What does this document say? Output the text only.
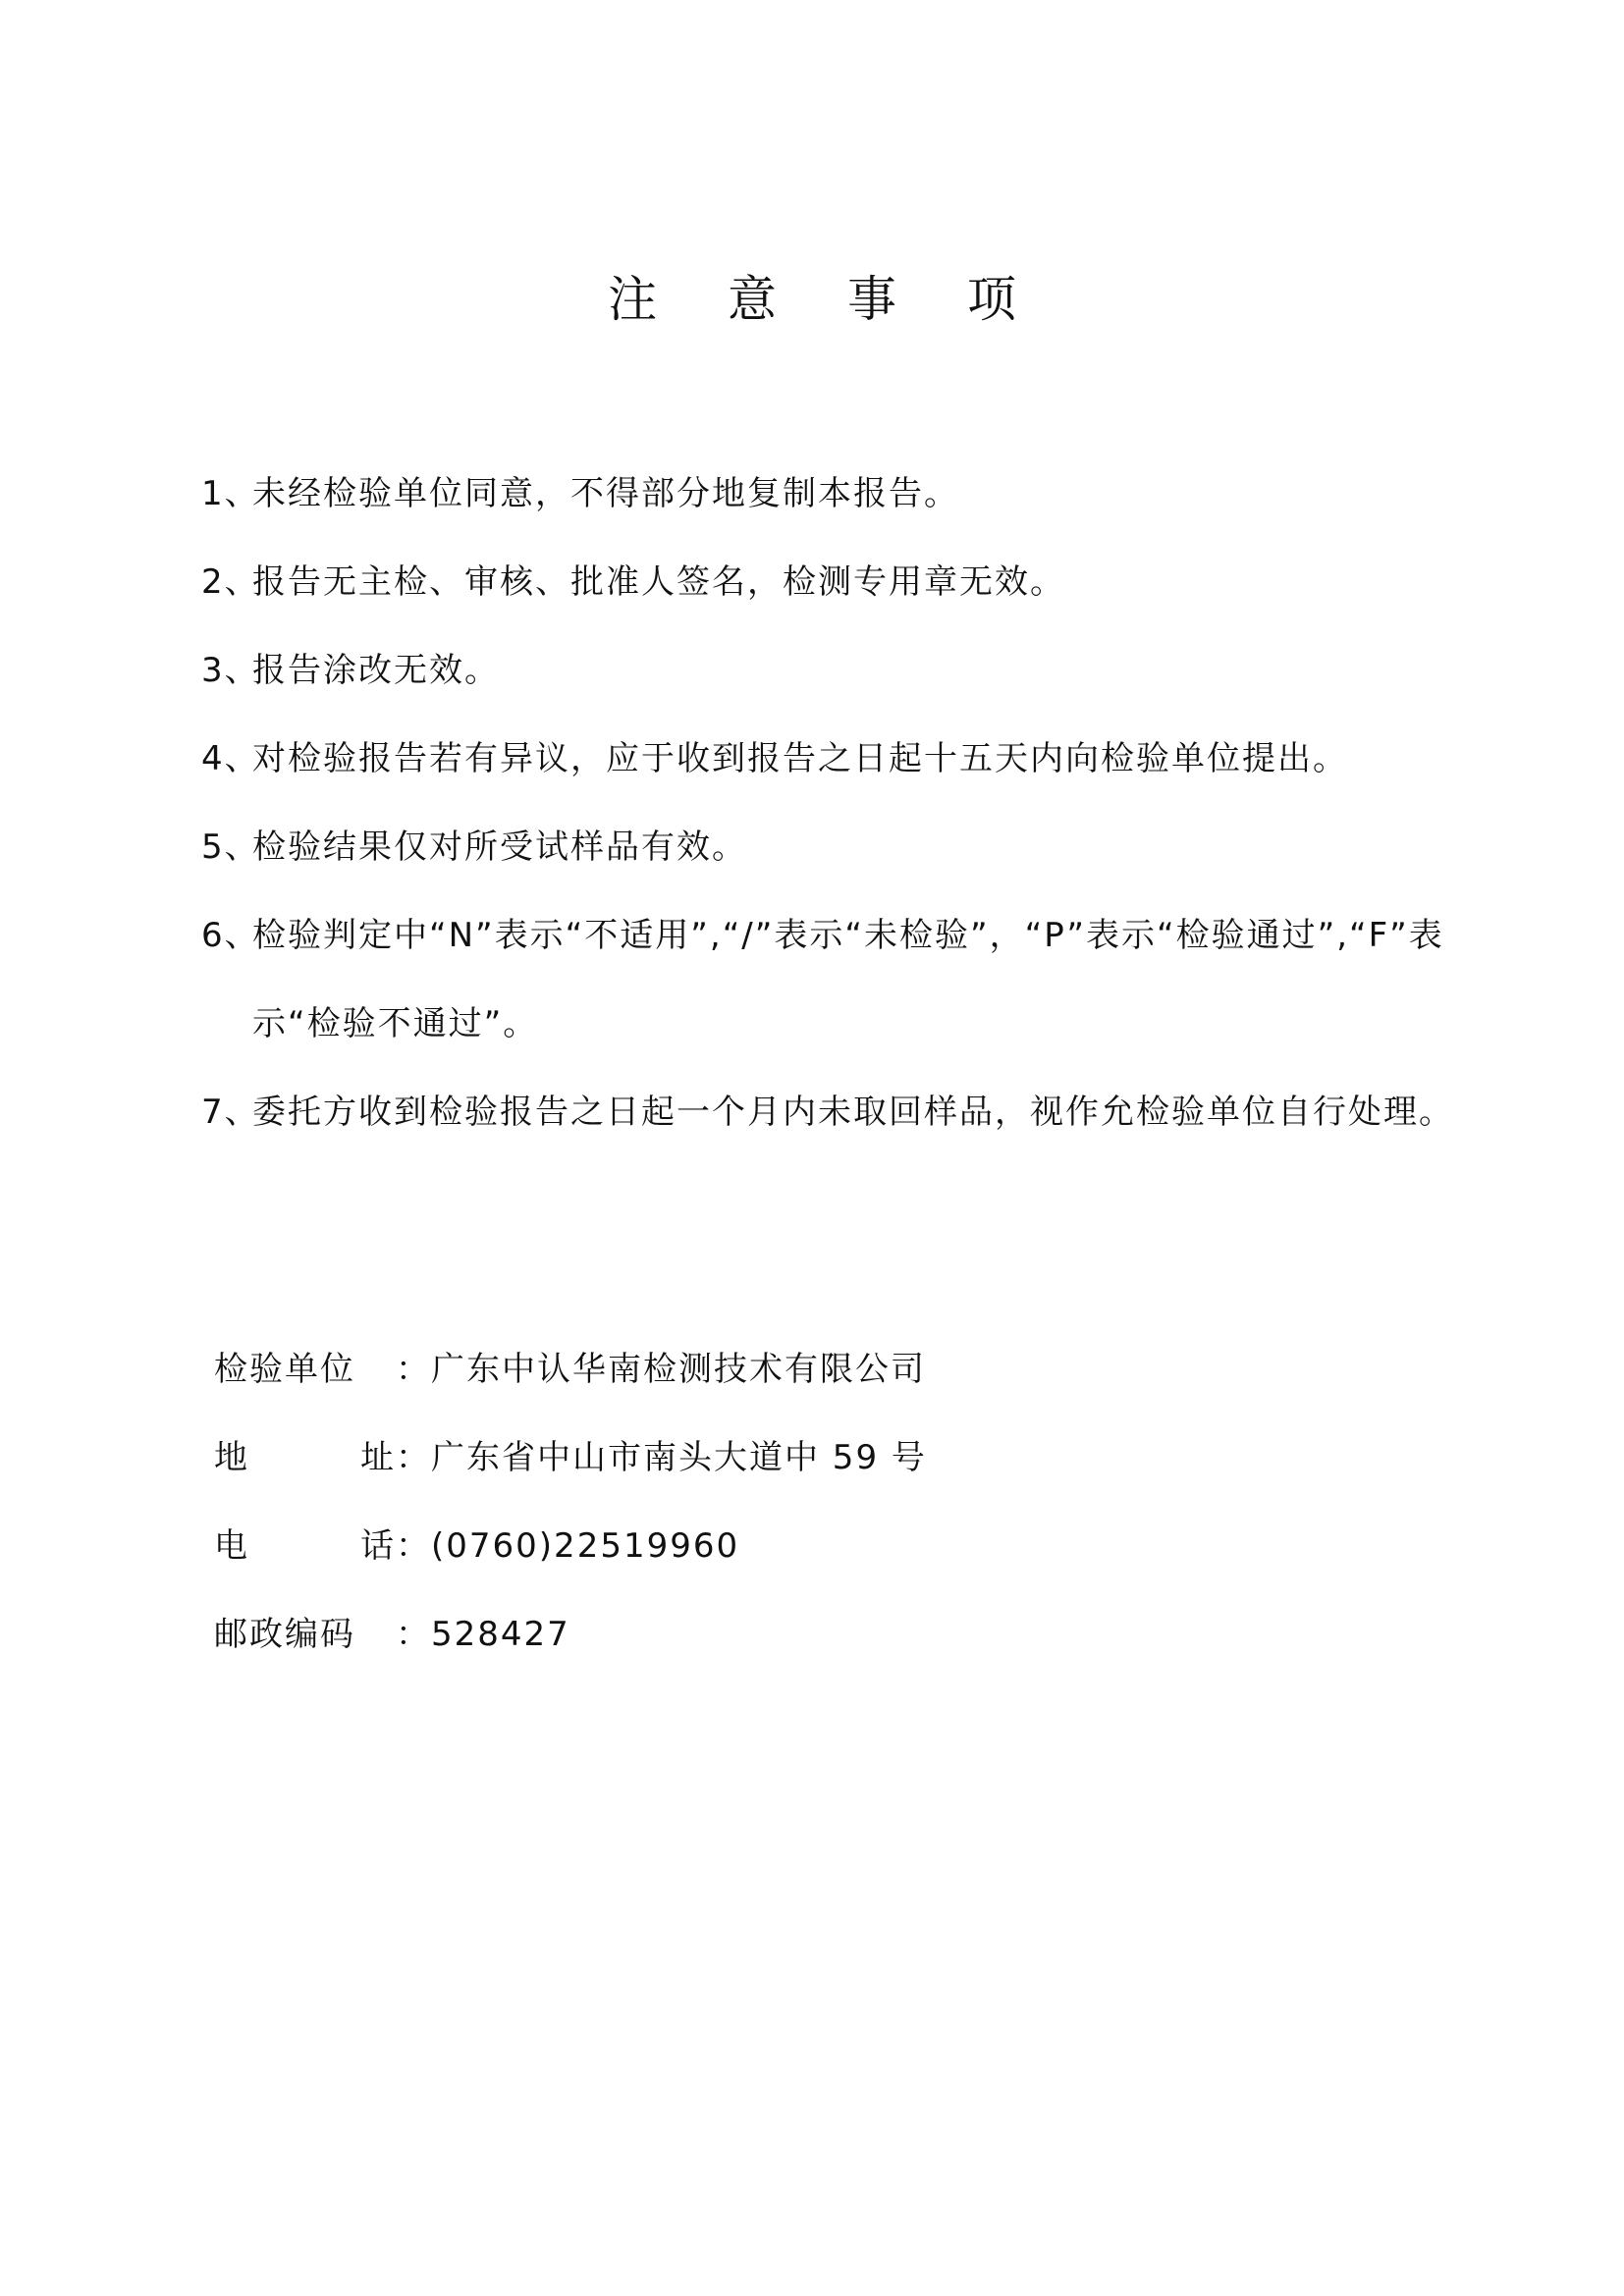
注 意 事 项
1、未经检验单位同意，不得部分地复制本报告。
2、报告无主检、审核、批准人签名，检测专用章无效。
3、报告涂改无效。
4、对检验报告若有异议，应于收到报告之日起十五天内向检验单位提出。
5、检验结果仅对所受试样品有效。
6、检验判定中“N”表示“不适用”,“/”表示“未检验”，“P”表示“检验通过”,“F”表示“检验不通过”。
7、委托方收到检验报告之日起一个月内未取回样品，视作允检验单位自行处理。
检验单位	： 广东中认华南检测技术有限公司
地	址 ： 广东省中山市南头大道中 59 号
电	话 ： (0760)22519960
邮政编码	： 528427
